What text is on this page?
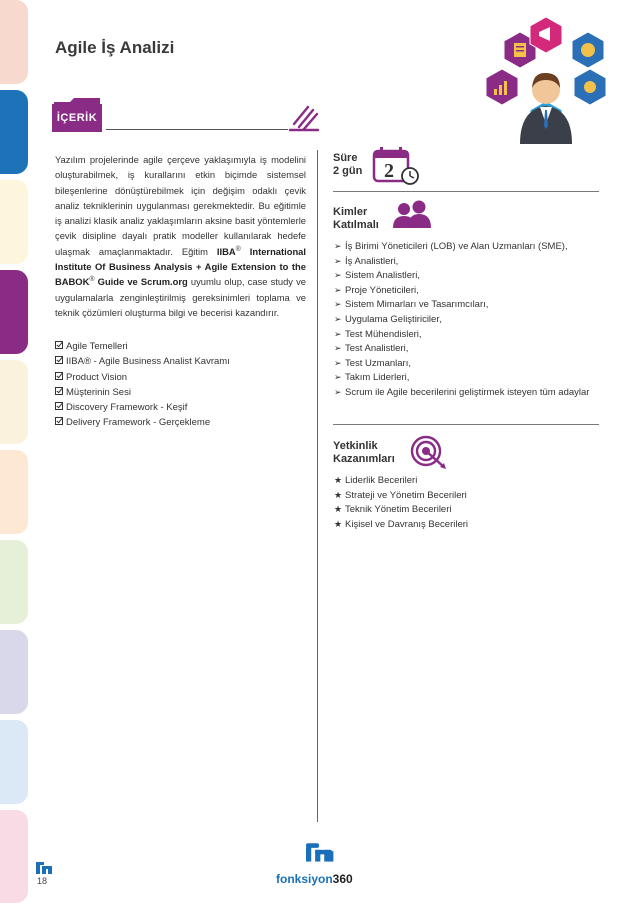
Agile İş Analizi
İÇERİK

Yazılım projelerinde agile çerçeve yaklaşımıyla iş modelini oluşturabilmek, iş kurallarını etkin biçimde sistemsel bileşenlerine dönüştürebilmek için değişim odaklı çevik analiz tekniklerinin uygulanması gerekmektedir. Bu eğitimle iş analizi klasik analiz yaklaşımların aksine basit yöntemlerle çevik disipline dayalı pratik modeller kullanılarak hedefe ulaşmak amaçlanmaktadır. Eğitim IIBA® International Institute Of Business Analysis + Agile Extension to the BABOK® Guide ve Scrum.org uyumlu olup, case study ve uygulamalarla zenginleştirilmiş gereksinimleri toplama ve teknik çözümleri oluşturma bilgi ve becerisi kazandırır.

Agile Temelleri
IIBA® - Agile Business Analist Kavramı
Product Vision
Müşterinin Sesi
Discovery Framework - Keşif
Delivery Framework - Gerçekleme
Süre
2 gün 2
Kimler
Katılmalı
➢ İş Birimi Yöneticileri (LOB) ve Alan Uzmanları (SME),
➢ İş Analistleri,
➢ Sistem Analistleri,
➢ Proje Yöneticileri,
➢ Sistem Mimarları ve Tasarımcıları,
➢ Uygulama Geliştiriciler,
➢ Test Mühendisleri,
➢ Test Analistleri,
➢ Test Uzmanları,
➢ Takım Liderleri,
➢ Scrum ile Agile becerilerini geliştirmek isteyen tüm adaylar
Yetkinlik
Kazanımları
★ Liderlik Becerileri
★ Strateji ve Yönetim Becerileri
★ Teknik Yönetim Becerileri
★ Kişisel ve Davranış Becerileri
18	fonksiyon360
